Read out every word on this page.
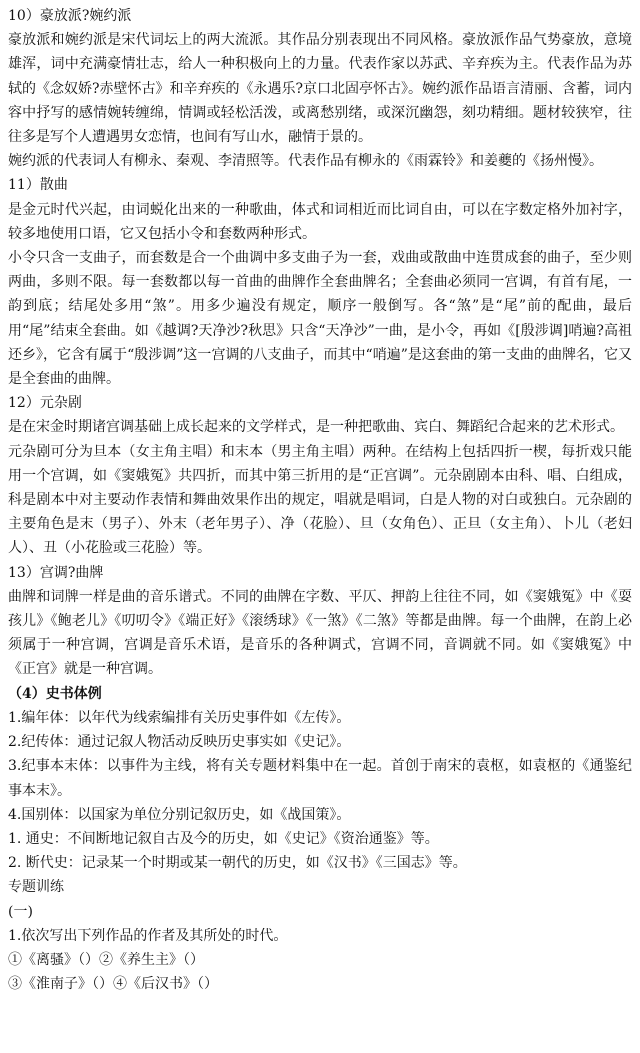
10）豪放派?婉约派

豪放派和婉约派是宋代词坛上的两大流派。其作品分别表现出不同风格。豪放派作品气势豪放，意境雄浑，词中充满豪情壮志，给人一种积极向上的力量。代表作家以苏武、辛弃疾为主。代表作品为苏轼的《念奴娇?赤壁怀古》和辛弃疾的《永遇乐?京口北固亭怀古》。婉约派作品语言清丽、含蓄，词内容中抒写的感情婉转缠绵，情调或轻松活泼，或离愁别绪，或深沉幽怨，刻功精细。题材较狭窄，往往多是写个人遭遇男女恋情，也间有写山水，融情于景的。

婉约派的代表词人有柳永、秦观、李清照等。代表作品有柳永的《雨霖铃》和姜夔的《扬州慢》。

11）散曲

是金元时代兴起，由词蜕化出来的一种歌曲，体式和词相近而比词自由，可以在字数定格外加衬字，较多地使用口语，它又包括小令和套数两种形式。

小令只含一支曲子，而套数是合一个曲调中多支曲子为一套，戏曲或散曲中连贯成套的曲子，至少则两曲，多则不限。每一套数都以每一首曲的曲牌作全套曲牌名；全套曲必须同一宫调，有首有尾，一韵到底；结尾处多用“煞”。用多少遍没有规定，顺序一般倒写。各“煞”是“尾”前的配曲，最后用“尾”结束全套曲。如《越调?天净沙?秋思》只含“天净沙”一曲，是小令，再如《[殷涉调]哨遍?高祖还乡》，它含有属于“殷涉调”这一宫调的八支曲子，而其中“哨遍”是这套曲的第一支曲的曲牌名，它又是全套曲的曲牌。

12）元杂剧

是在宋金时期诸宫调基础上成长起来的文学样式，是一种把歌曲、宾白、舞蹈纪合起来的艺术形式。

元杂剧可分为旦本（女主角主唱）和末本（男主角主唱）两种。在结构上包括四折一楔，每折戏只能用一个宫调，如《窦娥冤》共四折，而其中第三折用的是“正宫调”。元杂剧剧本由科、唱、白组成，科是剧本中对主要动作表情和舞曲效果作出的规定，唱就是唱词，白是人物的对白或独白。元杂剧的主要角色是末（男子）、外末（老年男子）、净（花脸）、旦（女角色）、正旦（女主角）、卜儿（老妇人）、丑（小花脸或三花脸）等。

13）宫调?曲牌

曲牌和词牌一样是曲的音乐谱式。不同的曲牌在字数、平仄、押韵上往往不同，如《窦娥冤》中《耍孩儿》《鲍老儿》《叨叨令》《端正好》《滚绣球》《一煞》《二煞》等都是曲牌。每一个曲牌，在韵上必须属于一种宫调，宫调是音乐术语，是音乐的各种调式，宫调不同，音调就不同。如《窦娥冤》中《正宫》就是一种宫调。

（4）史书体例

1.编年体：以年代为线索编排有关历史事件如《左传》。

2.纪传体：通过记叙人物活动反映历史事实如《史记》。

3.纪事本末体：以事件为主线，将有关专题材料集中在一起。首创于南宋的袁枢，如袁枢的《通鉴纪事本末》。

4.国别体：以国家为单位分别记叙历史，如《战国策》。

1. 通史：不间断地记叙自古及今的历史，如《史记》《资治通鉴》等。

2. 断代史：记录某一个时期或某一朝代的历史，如《汉书》《三国志》等。

专题训练

(一)

1.依次写出下列作品的作者及其所处的时代。

①《离骚》（）②《养生主》（）

③《淮南子》（）④《后汉书》（）
